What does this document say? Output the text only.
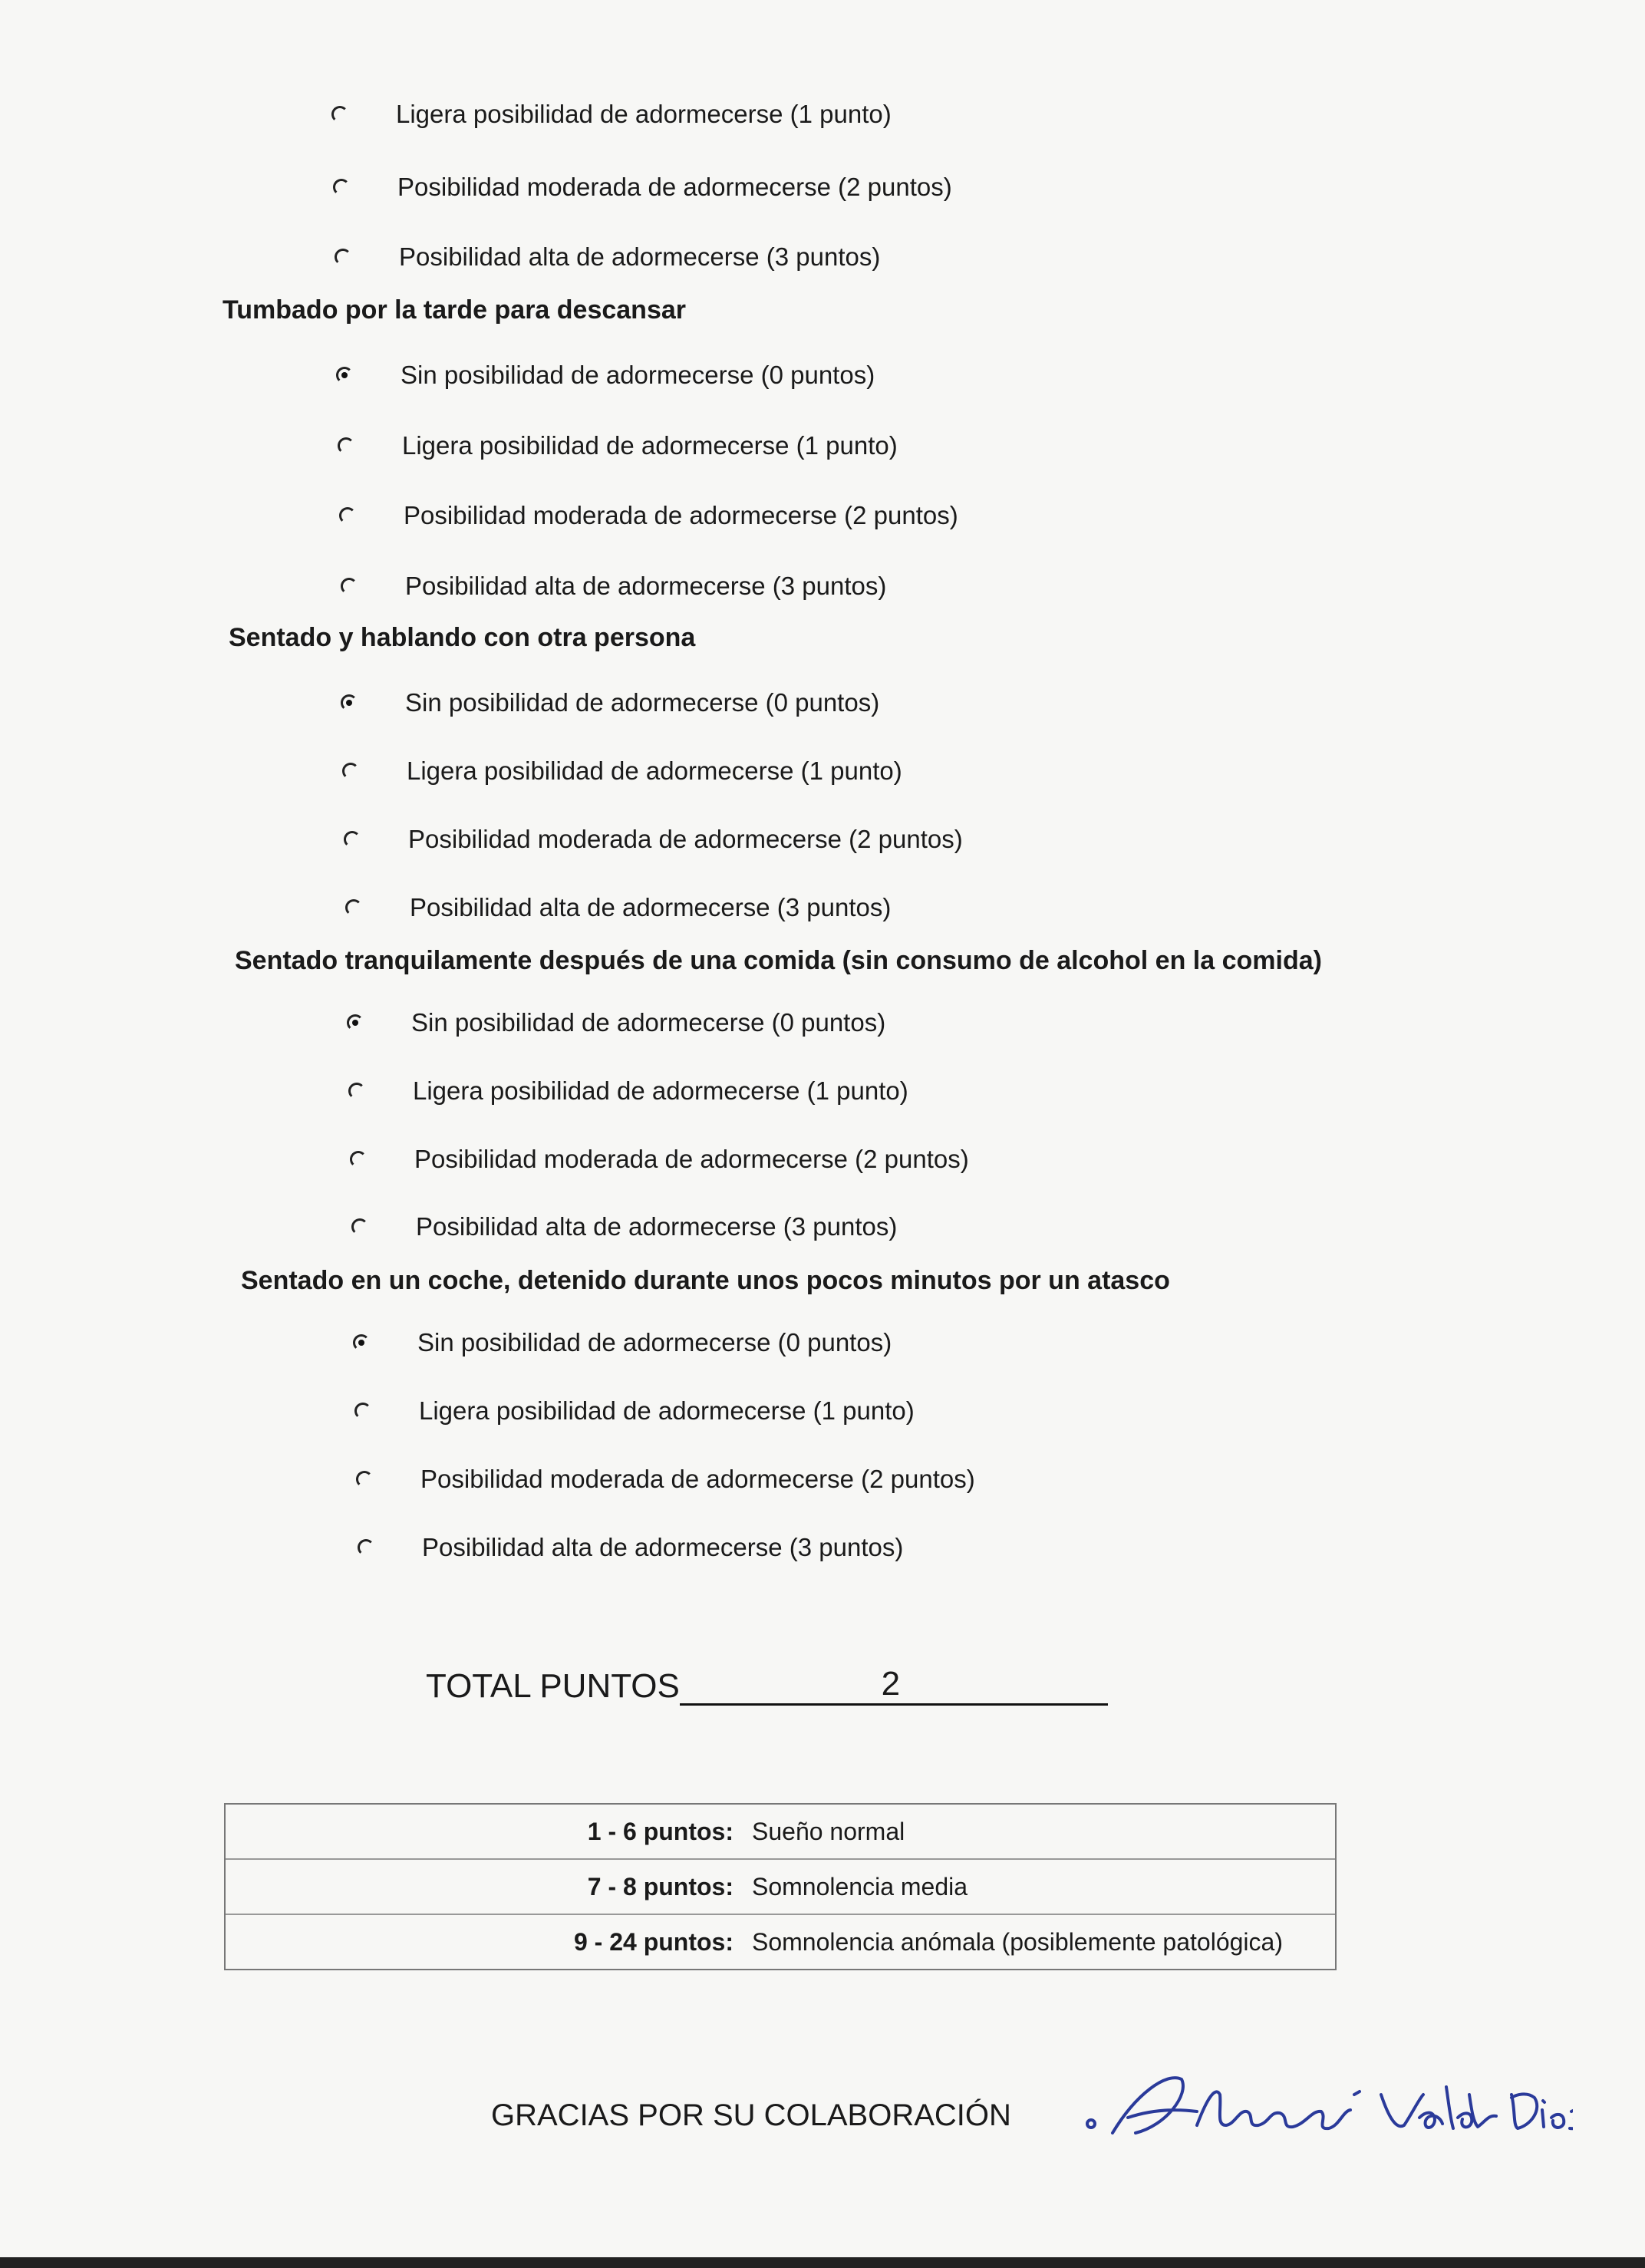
Ligera posibilidad de adormecerse (1 punto)
Posibilidad moderada de adormecerse (2 puntos)
Posibilidad alta de adormecerse (3 puntos)
Tumbado por la tarde para descansar
Sin posibilidad de adormecerse (0 puntos)
Ligera posibilidad de adormecerse (1 punto)
Posibilidad moderada de adormecerse (2 puntos)
Posibilidad alta de adormecerse (3 puntos)
Sentado y hablando con otra persona
Sin posibilidad de adormecerse (0 puntos)
Ligera posibilidad de adormecerse (1 punto)
Posibilidad moderada de adormecerse (2 puntos)
Posibilidad alta de adormecerse (3 puntos)
Sentado tranquilamente después de una comida (sin consumo de alcohol en la comida)
Sin posibilidad de adormecerse (0 puntos)
Ligera posibilidad de adormecerse (1 punto)
Posibilidad moderada de adormecerse (2 puntos)
Posibilidad alta de adormecerse (3 puntos)
Sentado en un coche, detenido durante unos pocos minutos por un atasco
Sin posibilidad de adormecerse (0 puntos)
Ligera posibilidad de adormecerse (1 punto)
Posibilidad moderada de adormecerse (2 puntos)
Posibilidad alta de adormecerse (3 puntos)
TOTAL PUNTOS	2
1 - 6 puntos: Sueño normal
7 - 8 puntos: Somnolencia media
9 - 24 puntos: Somnolencia anómala (posiblemente patológica)
GRACIAS POR SU COLABORACIÓN
